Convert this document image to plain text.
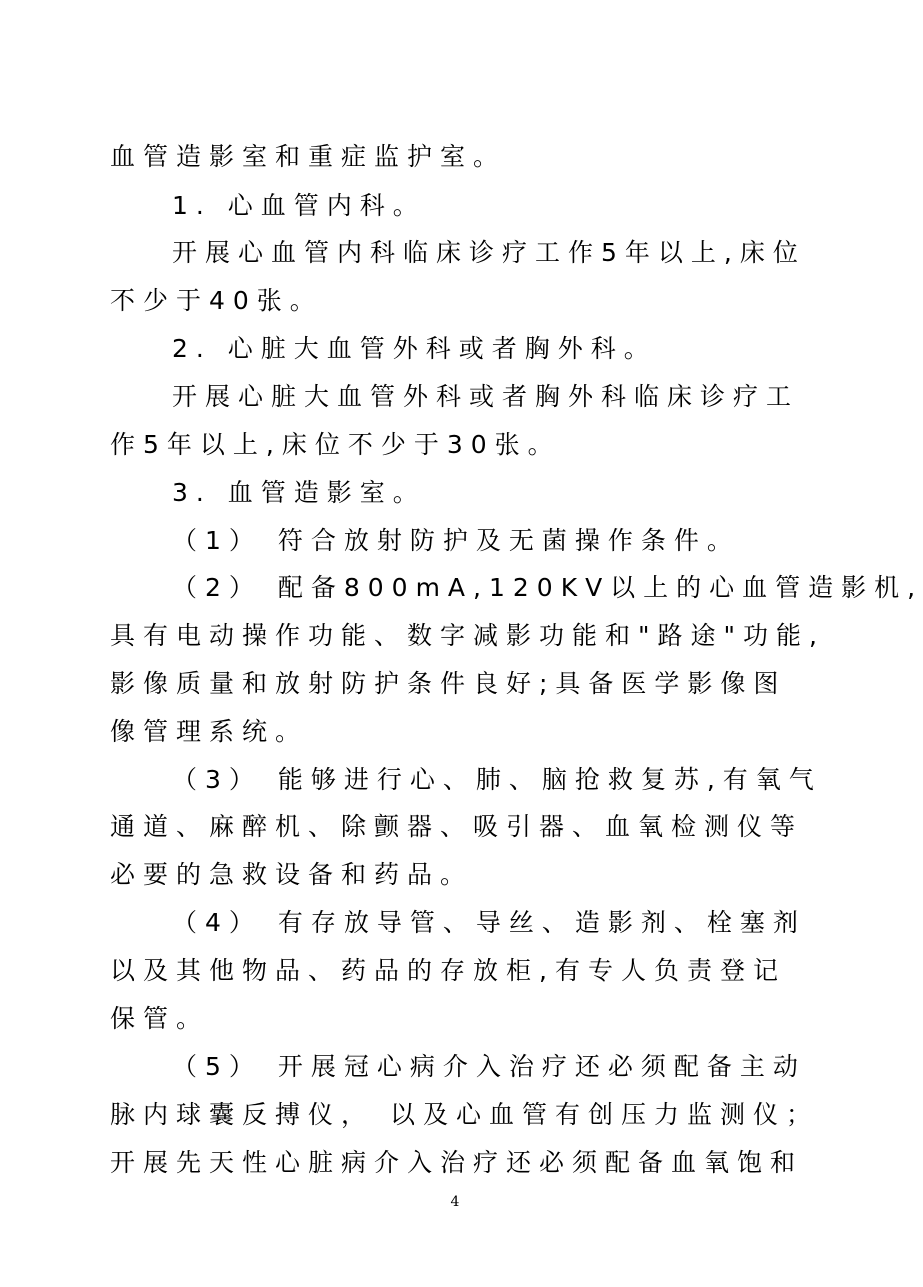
血管造影室和重症监护室。
1. 心血管内科。
开展心血管内科临床诊疗工作5年以上,床位
不少于40张。
2. 心脏大血管外科或者胸外科。
开展心脏大血管外科或者胸外科临床诊疗工
作5年以上,床位不少于30张。
3. 血管造影室。
（1） 符合放射防护及无菌操作条件。
（2） 配备800mA,120KV以上的心血管造影机,
具有电动操作功能、数字减影功能和"路途"功能,
影像质量和放射防护条件良好;具备医学影像图
像管理系统。
（3） 能够进行心、肺、脑抢救复苏,有氧气
通道、麻醉机、除颤器、吸引器、血氧检测仪等
必要的急救设备和药品。
（4） 有存放导管、导丝、造影剂、栓塞剂
以及其他物品、药品的存放柜,有专人负责登记
保管。
（5） 开展冠心病介入治疗还必须配备主动
脉内球囊反搏仪， 以及心血管有创压力监测仪；
开展先天性心脏病介入治疗还必须配备血氧饱和
4
